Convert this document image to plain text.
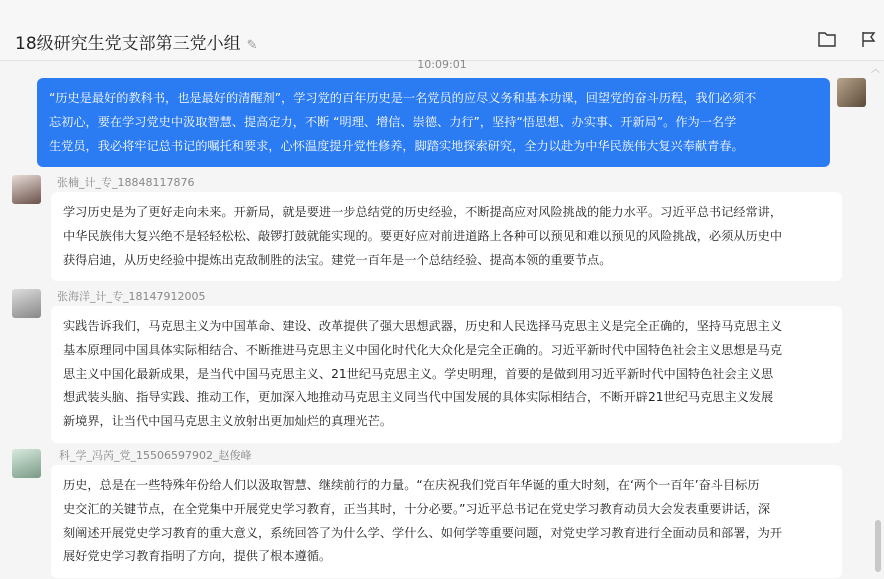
18级研究生党支部第三党小组 ✎
10:09:01	︿
“历史是最好的教科书，也是最好的清醒剂”，学习党的百年历史是一名党员的应尽义务和基本功课，回望党的奋斗历程，我们必须不
忘初心，要在学习党史中汲取智慧、提高定力，不断 “明理、增信、崇德、力行”，坚持“悟思想、办实事、开新局”。作为一名学
生党员，我必将牢记总书记的嘱托和要求，心怀温度提升党性修养，脚踏实地探索研究，全力以赴为中华民族伟大复兴奉献青春。
张楠_计_专_18848117876
学习历史是为了更好走向未来。开新局，就是要进一步总结党的历史经验，不断提高应对风险挑战的能力水平。习近平总书记经常讲，
中华民族伟大复兴绝不是轻轻松松、敲锣打鼓就能实现的。要更好应对前进道路上各种可以预见和难以预见的风险挑战，必须从历史中
获得启迪，从历史经验中提炼出克敌制胜的法宝。建党一百年是一个总结经验、提高本领的重要节点。
张海洋_计_专_18147912005
实践告诉我们，马克思主义为中国革命、建设、改革提供了强大思想武器，历史和人民选择马克思主义是完全正确的，坚持马克思主义
基本原理同中国具体实际相结合、不断推进马克思主义中国化时代化大众化是完全正确的。习近平新时代中国特色社会主义思想是马克
思主义中国化最新成果，是当代中国马克思主义、21世纪马克思主义。学史明理，首要的是做到用习近平新时代中国特色社会主义思
想武装头脑、指导实践、推动工作，更加深入地推动马克思主义同当代中国发展的具体实际相结合，不断开辟21世纪马克思主义发展
新境界，让当代中国马克思主义放射出更加灿烂的真理光芒。
科_学_冯芮_党_15506597902_赵俊峰
历史，总是在一些特殊年份给人们以汲取智慧、继续前行的力量。“在庆祝我们党百年华诞的重大时刻，在‘两个一百年’奋斗目标历
史交汇的关键节点，在全党集中开展党史学习教育，正当其时，十分必要。”习近平总书记在党史学习教育动员大会发表重要讲话，深
刻阐述开展党史学习教育的重大意义，系统回答了为什么学、学什么、如何学等重要问题，对党史学习教育进行全面动员和部署，为开
展好党史学习教育指明了方向，提供了根本遵循。
